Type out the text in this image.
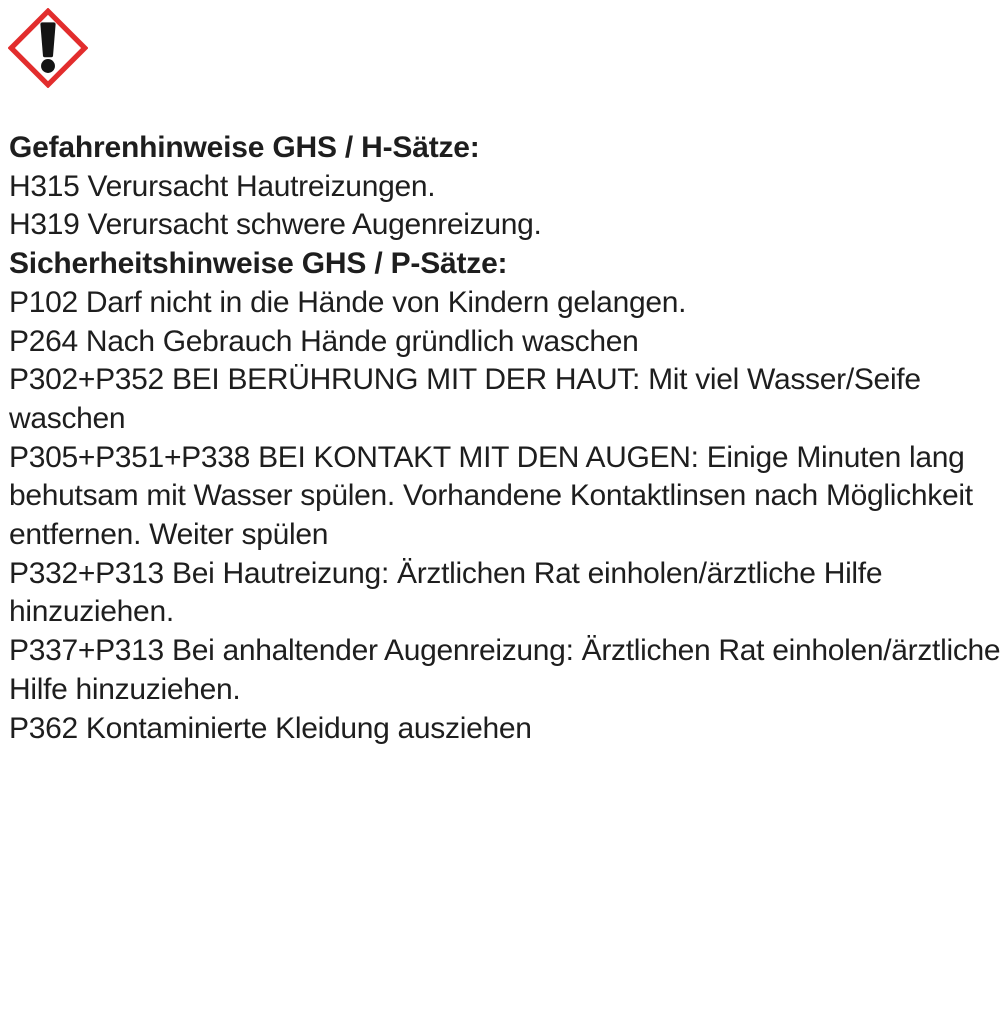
Gefahrenhinweise GHS / H-Sätze:

H315 Verursacht Hautreizungen.

H319 Verursacht schwere Augenreizung.

Sicherheitshinweise GHS / P-Sätze:

P102 Darf nicht in die Hände von Kindern gelangen.

P264 Nach Gebrauch Hände gründlich waschen

P302+P352 BEI BERÜHRUNG MIT DER HAUT: Mit viel Wasser/Seife waschen

P305+P351+P338 BEI KONTAKT MIT DEN AUGEN: Einige Minuten lang behutsam mit Wasser spülen. Vorhandene Kontaktlinsen nach Möglichkeit entfernen. Weiter spülen

P332+P313 Bei Hautreizung: Ärztlichen Rat einholen/ärztliche Hilfe hinzuziehen.

P337+P313 Bei anhaltender Augenreizung: Ärztlichen Rat einholen/ärztliche Hilfe hinzuziehen.

P362 Kontaminierte Kleidung ausziehen
